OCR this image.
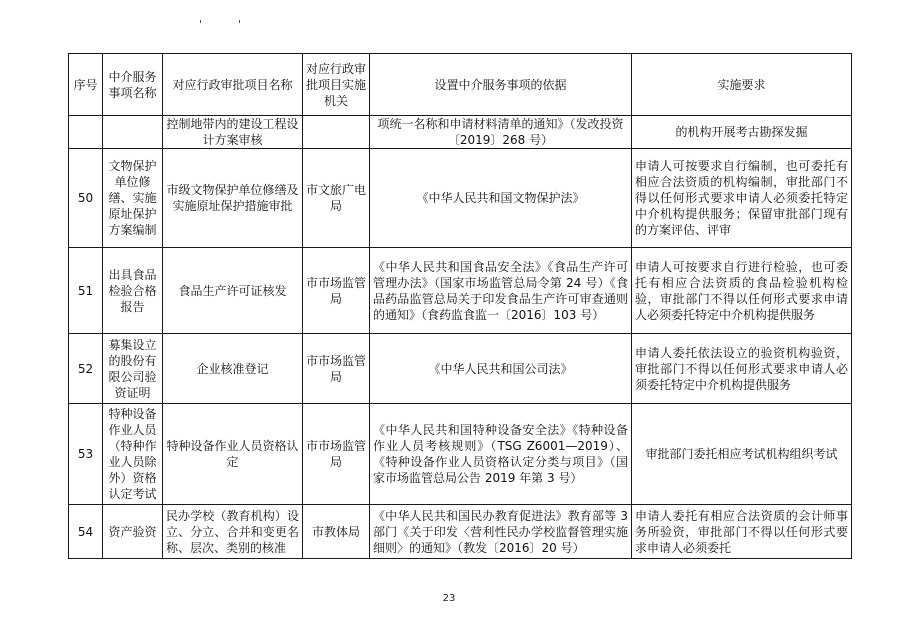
'	'
序号	中介服务事项名称	对应行政审批项目名称	对应行政审批项目实施机关	设置中介服务事项的依据	实施要求
		控制地带内的建设工程设计方案审核		项统一名称和申请材料清单的通知》（发改投资〔2019〕268 号）	的机构开展考古勘探发掘
50	文物保护单位修缮、实施原址保护方案编制	市级文物保护单位修缮及实施原址保护措施审批	市文旅广电局	《中华人民共和国文物保护法》	申请人可按要求自行编制，也可委托有相应合法资质的机构编制，审批部门不得以任何形式要求申请人必须委托特定中介机构提供服务；保留审批部门现有的方案评估、评审
51	出具食品检验合格报告	食品生产许可证核发	市市场监管局	《中华人民共和国食品安全法》《食品生产许可管理办法》（国家市场监管总局令第 24 号）《食品药品监管总局关于印发食品生产许可审查通则的通知》（食药监食监一〔2016〕103 号）	申请人可按要求自行进行检验，也可委托有相应合法资质的食品检验机构检验，审批部门不得以任何形式要求申请人必须委托特定中介机构提供服务
52	募集设立的股份有限公司验资证明	企业核准登记	市市场监管局	《中华人民共和国公司法》	申请人委托依法设立的验资机构验资，审批部门不得以任何形式要求申请人必须委托特定中介机构提供服务
53	特种设备作业人员（特种作业人员除外）资格认定考试	特种设备作业人员资格认定	市市场监管局	《中华人民共和国特种设备安全法》《特种设备作业人员考核规则》（TSG Z6001—2019）、《特种设备作业人员资格认定分类与项目》（国家市场监管总局公告 2019 年第 3 号）	审批部门委托相应考试机构组织考试
54	资产验资	民办学校（教育机构）设立、分立、合并和变更名称、层次、类别的核准	市教体局	《中华人民共和国民办教育促进法》教育部等 3 部门《关于印发〈营利性民办学校监督管理实施细则〉的通知》（教发〔2016〕20 号）	申请人委托有相应合法资质的会计师事务所验资，审批部门不得以任何形式要求申请人必须委托
23
